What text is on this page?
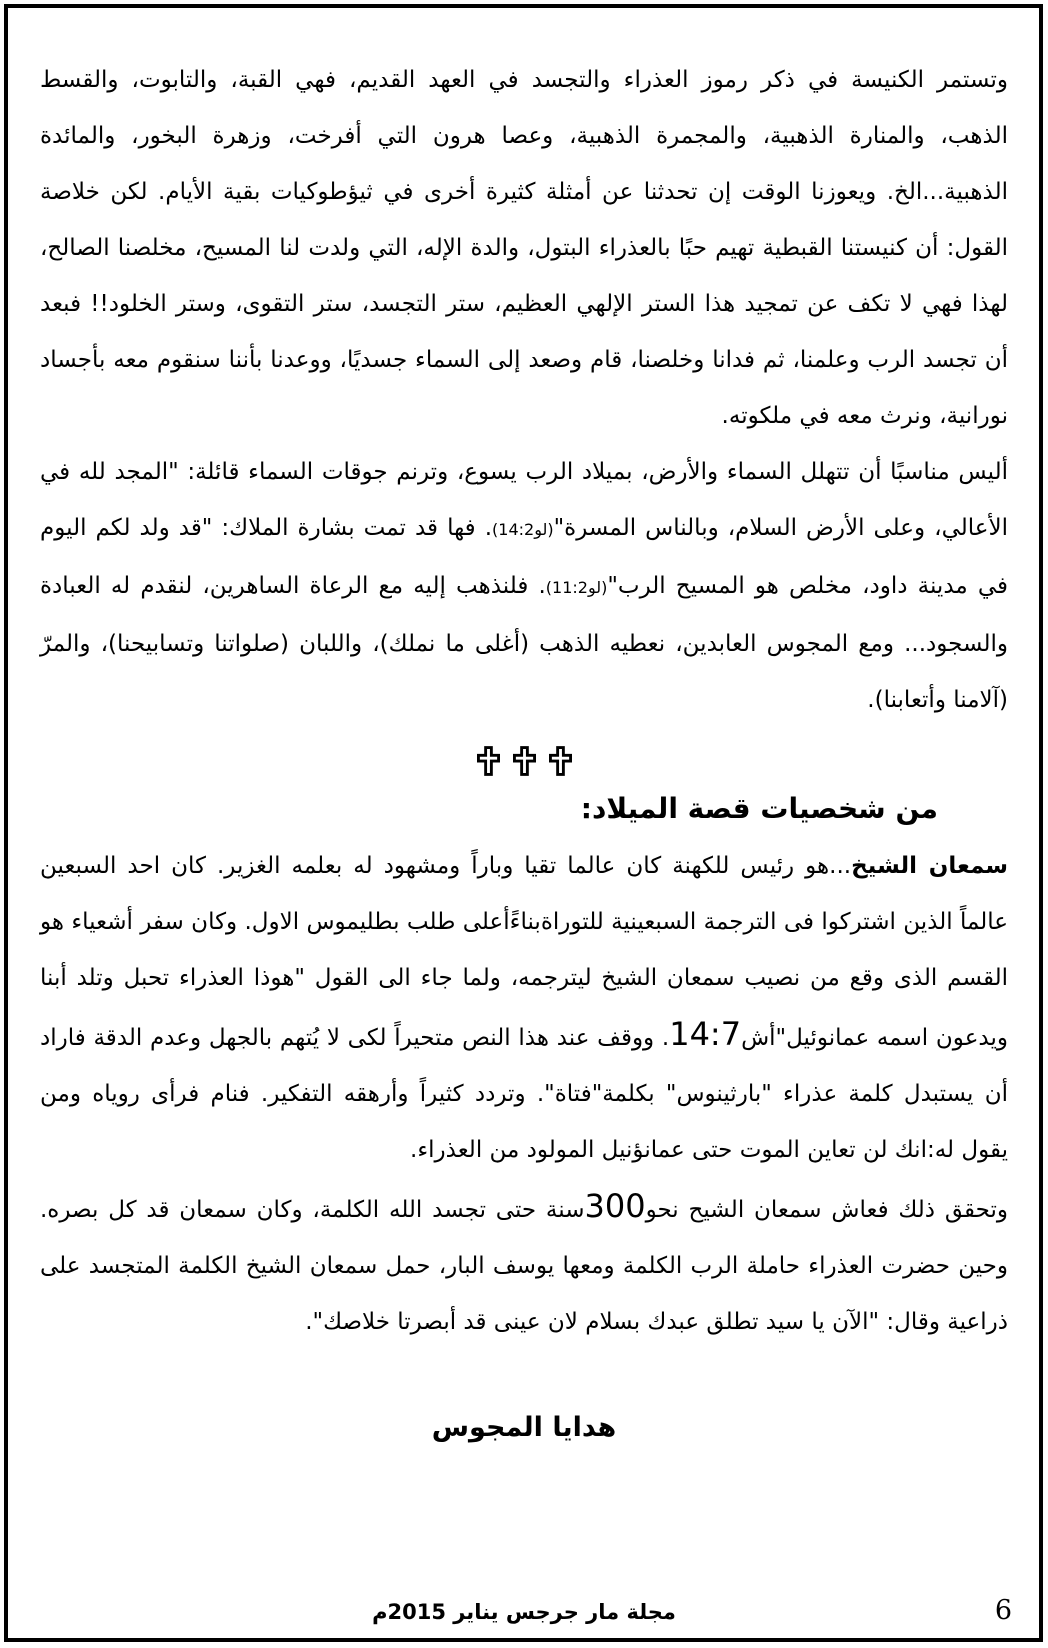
وتستمر الكنيسة في ذكر رموز العذراء والتجسد في العهد القديم، فهي القبة، والتابوت، والقسط الذهب، والمنارة الذهبية، والمجمرة الذهبية، وعصا هرون التي أفرخت، وزهرة البخور، والمائدة الذهبية...الخ. ويعوزنا الوقت إن تحدثنا عن أمثلة كثيرة أخرى في ثيؤطوكيات بقية الأيام. لكن خلاصة القول: أن كنيستنا القبطية تهيم حبًا بالعذراء البتول، والدة الإله، التي ولدت لنا المسيح، مخلصنا الصالح، لهذا فهي لا تكف عن تمجيد هذا الستر الإلهي العظيم، ستر التجسد، ستر التقوى، وستر الخلود!! فبعد أن تجسد الرب وعلمنا، ثم فدانا وخلصنا، قام وصعد إلى السماء جسديًا، ووعدنا بأننا سنقوم معه بأجساد نورانية، ونرث معه في ملكوته.

أليس مناسبًا أن تتهلل السماء والأرض، بميلاد الرب يسوع، وترنم جوقات السماء قائلة: "المجد لله في الأعالي، وعلى الأرض السلام، وبالناس المسرة"(لو14:2). فها قد تمت بشارة الملاك: "قد ولد لكم اليوم في مدينة داود، مخلص هو المسيح الرب"(لو11:2). فلنذهب إليه مع الرعاة الساهرين، لنقدم له العبادة والسجود... ومع المجوس العابدين، نعطيه الذهب (أغلى ما نملك)، واللبان (صلواتنا وتسابيحنا)، والمرّ (آلامنا وأتعابنا).

من شخصيات قصة الميلاد:

سمعان الشيخ...هو رئيس للكهنة كان عالما تقيا وباراً ومشهود له بعلمه الغزير. كان احد السبعين عالماً الذين اشتركوا فى الترجمة السبعينية للتوراةبناءًأعلى طلب بطليموس الاول. وكان سفر أشعياء هو القسم الذى وقع من نصيب سمعان الشيخ ليترجمه، ولما جاء الى القول "هوذا العذراء تحبل وتلد أبنا ويدعون اسمه عمانوئيل"أش14:7. ووقف عند هذا النص متحيراً لكى لا يُتهم بالجهل وعدم الدقة فاراد أن يستبدل كلمة عذراء "بارثينوس" بكلمة"فتاة". وتردد كثيراً وأرهقه التفكير. فنام فرأى روياه ومن يقول له:انك لن تعاين الموت حتى عمانؤنيل المولود من العذراء.

وتحقق ذلك فعاش سمعان الشيح نحو300سنة حتى تجسد الله الكلمة، وكان سمعان قد كل بصره. وحين حضرت العذراء حاملة الرب الكلمة ومعها يوسف البار، حمل سمعان الشيخ الكلمة المتجسد على ذراعية وقال: "الآن يا سيد تطلق عبدك بسلام لان عينى قد أبصرتا خلاصك".

هدايا المجوس
مجلة مار جرجس يناير 2015م	6
